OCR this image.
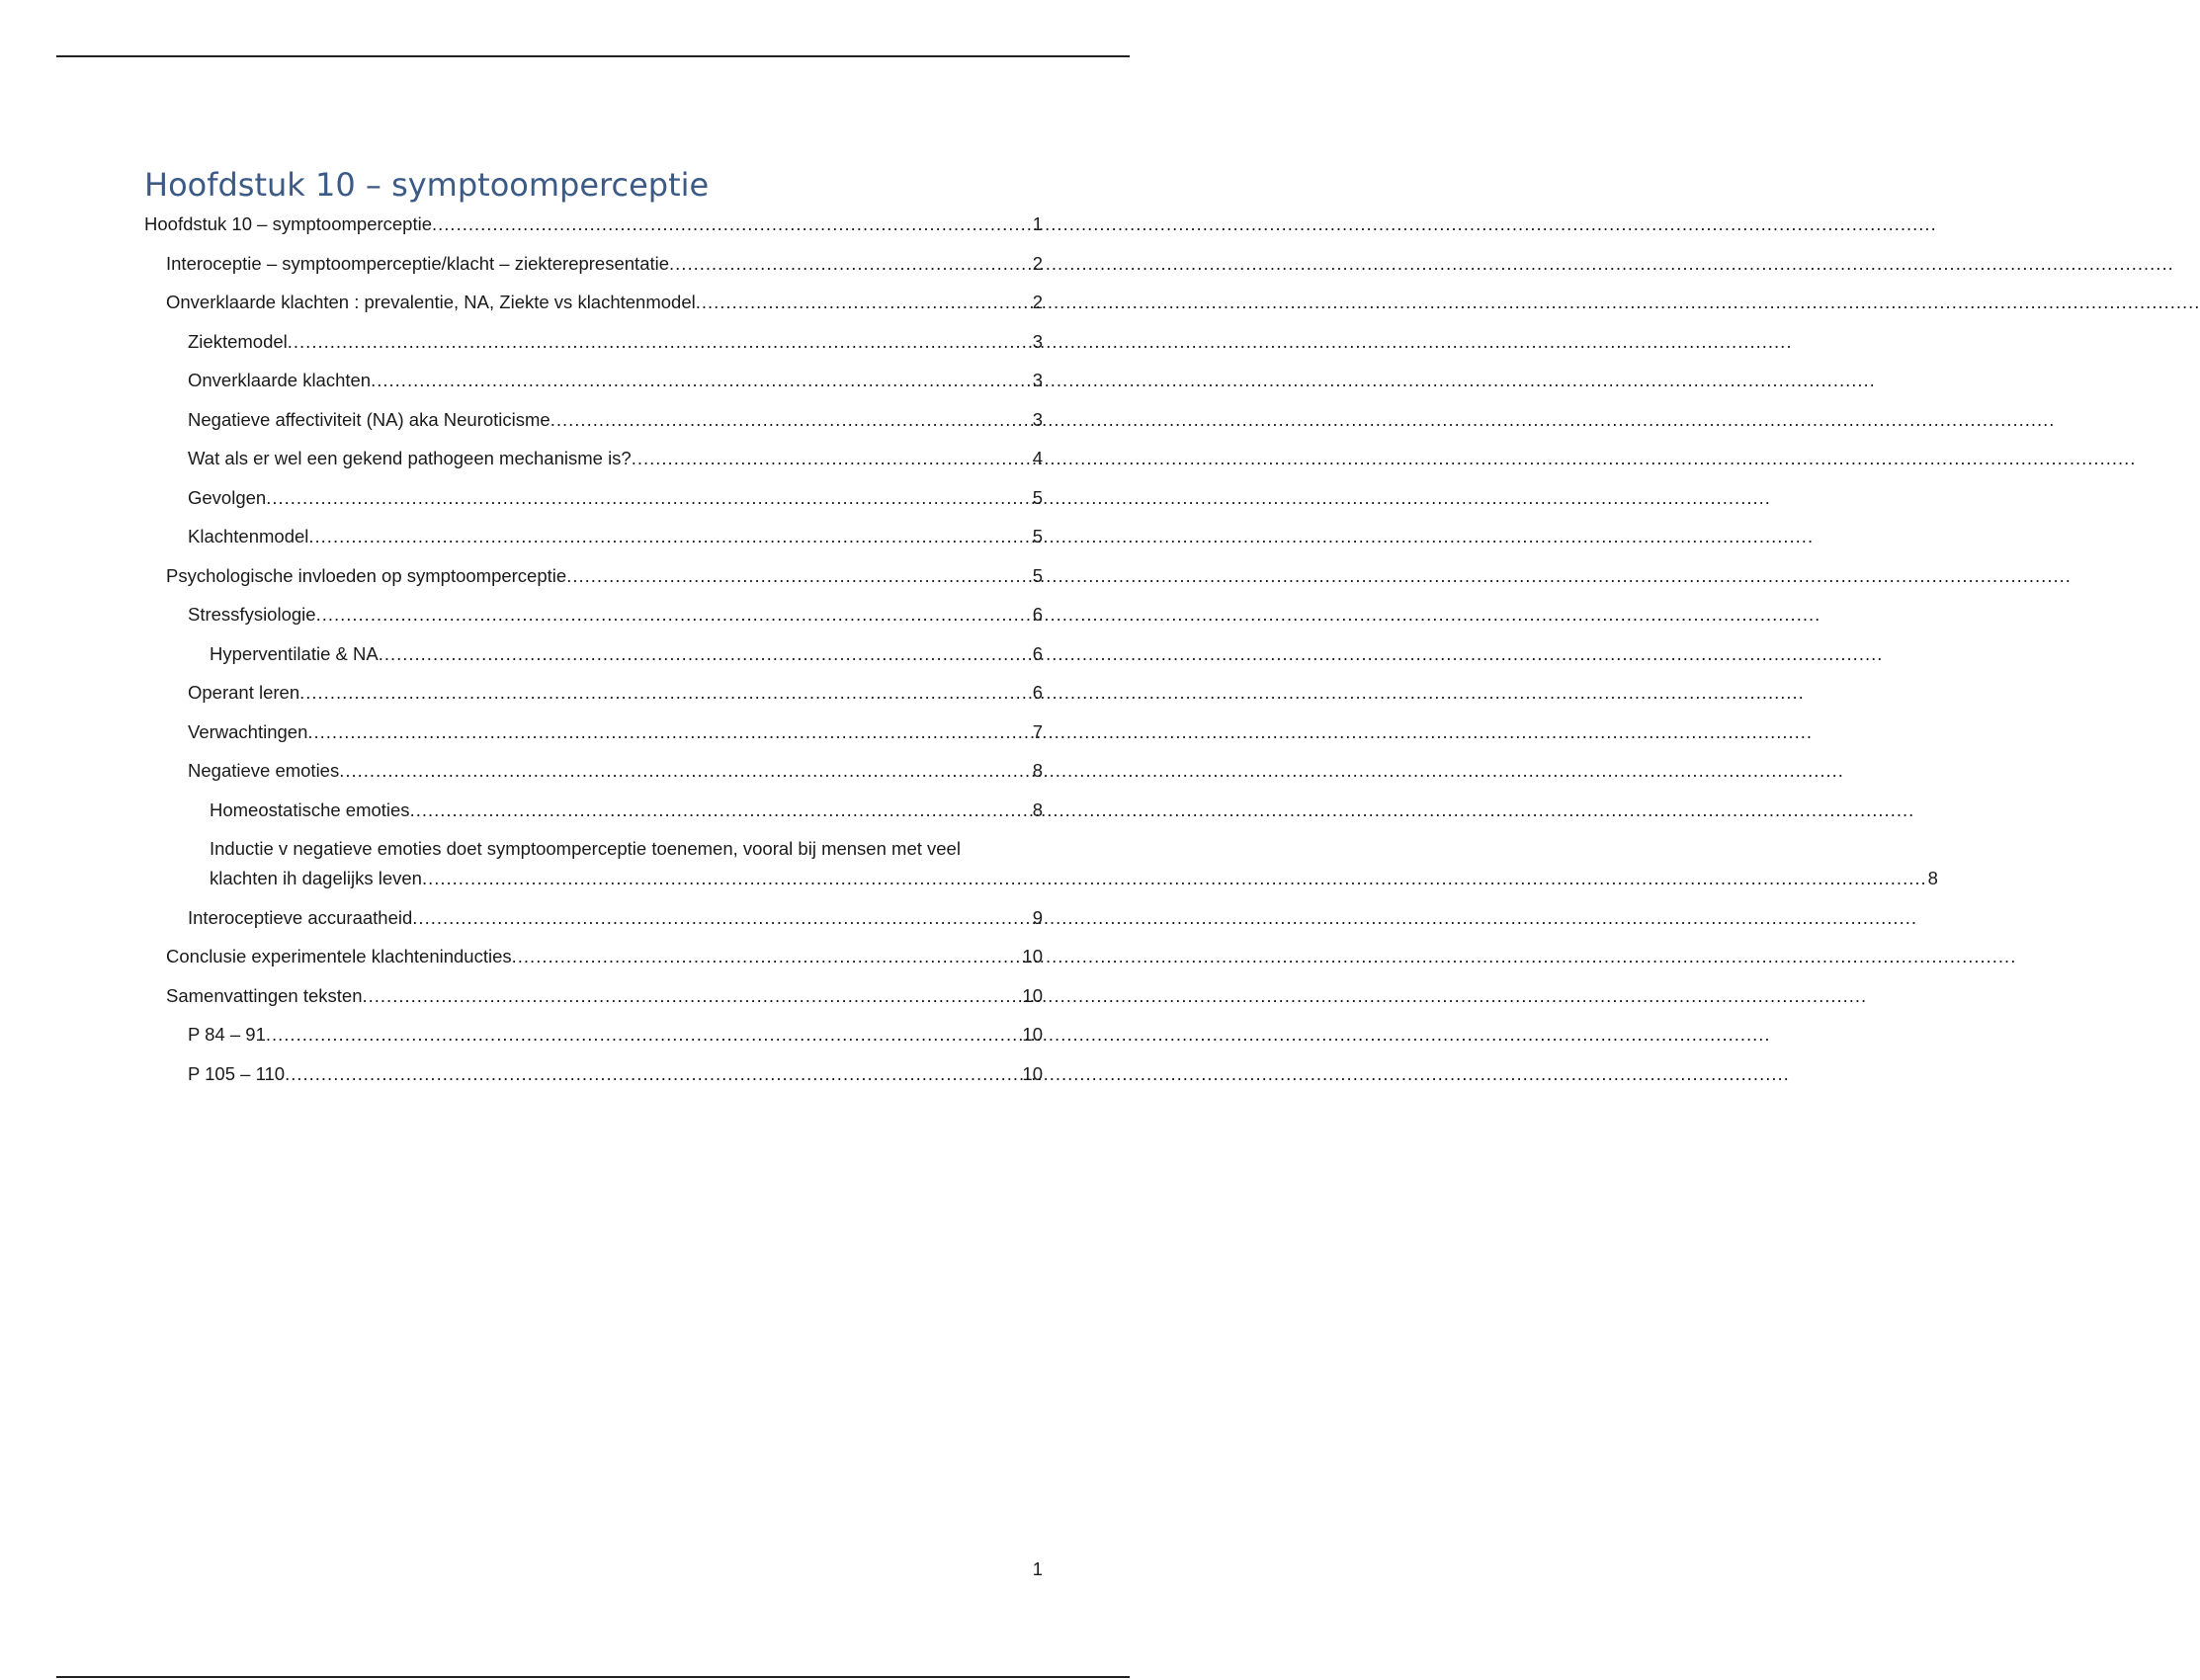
Hoofdstuk 10 – symptoomperceptie
Hoofdstuk 10 – symptoomperceptie .....	1
Interoceptie – symptoomperceptie/klacht – ziekterepresentatie .....	2
Onverklaarde klachten : prevalentie, NA, Ziekte vs klachtenmodel .....	2
Ziektemodel .....	3
Onverklaarde klachten .....	3
Negatieve affectiviteit (NA) aka Neuroticisme .....	3
Wat als er wel een gekend pathogeen mechanisme is? .....	4
Gevolgen .....	5
Klachtenmodel .....	5
Psychologische invloeden op symptoomperceptie .....	5
Stressfysiologie .....	6
Hyperventilatie & NA .....	6
Operant leren .....	6
Verwachtingen .....	7
Negatieve emoties .....	8
Homeostatische emoties .....	8
Inductie v negatieve emoties doet symptoomperceptie toenemen, vooral bij mensen met veel
klachten ih dagelijks leven .....	8
Interoceptieve accuraatheid .....	9
Conclusie experimentele klachteninducties .....	10
Samenvattingen teksten .....	10
P 84 – 91 .....	10
P 105 – 110 .....	10
1
